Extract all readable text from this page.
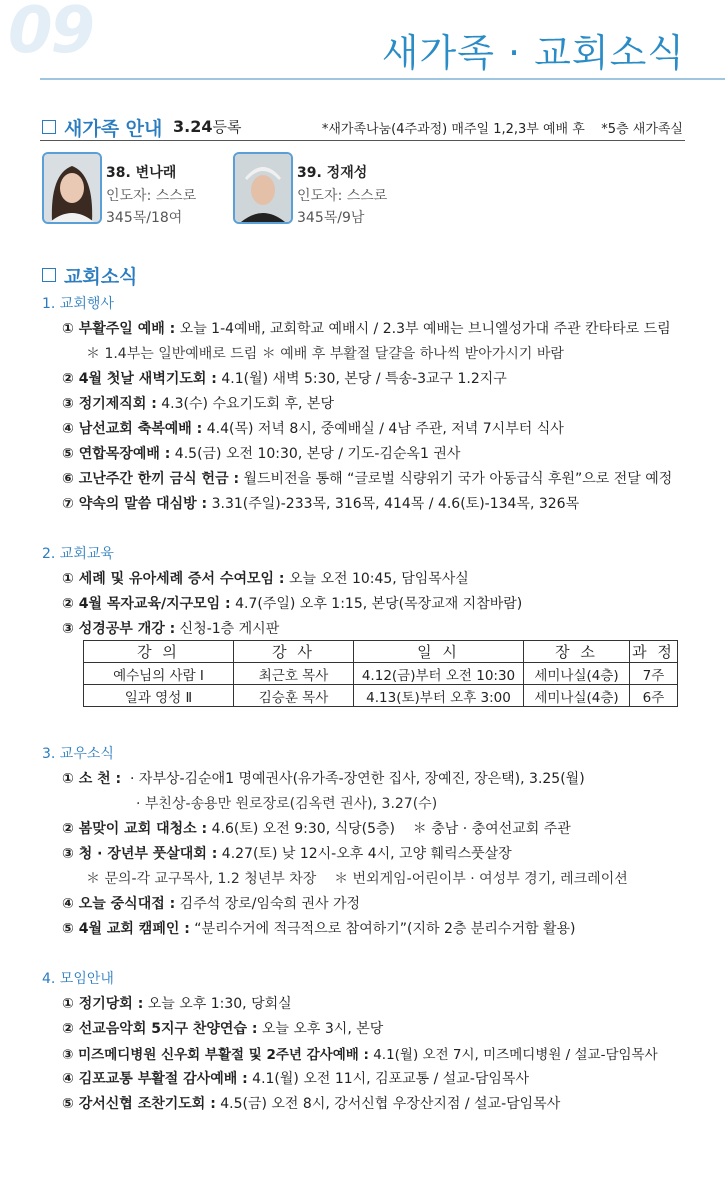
09	새가족 · 교회소식
새가족 안내 3.24등록	*새가족나눔(4주과정) 매주일 1,2,3부 예배 후    *5층 새가족실
38. 변나래
인도자: 스스로
345목/18여
39. 정재성
인도자: 스스로
345목/9남
교회소식
1. 교회행사
① 부활주일 예배 : 오늘 1-4예배, 교회학교 예배시 / 2.3부 예배는 브니엘성가대 주관 칸타타로 드림
＊ 1.4부는 일반예배로 드림 ＊ 예배 후 부활절 달걀을 하나씩 받아가시기 바람
② 4월 첫날 새벽기도회 : 4.1(월) 새벽 5:30, 본당 / 특송-3교구 1.2지구
③ 정기제직회 : 4.3(수) 수요기도회 후, 본당
④ 남선교회 축복예배 : 4.4(목) 저녁 8시, 중예배실 / 4남 주관, 저녁 7시부터 식사
⑤ 연합목장예배 : 4.5(금) 오전 10:30, 본당 / 기도-김순옥1 권사
⑥ 고난주간 한끼 금식 헌금 : 월드비전을 통해 “글로벌 식량위기 국가 아동급식 후원”으로 전달 예정
⑦ 약속의 말씀 대심방 : 3.31(주일)-233목, 316목, 414목 / 4.6(토)-134목, 326목
2. 교회교육
① 세례 및 유아세례 증서 수여모임 : 오늘 오전 10:45, 담임목사실
② 4월 목자교육/지구모임 : 4.7(주일) 오후 1:15, 본당(목장교재 지참바람)
③ 성경공부 개강 : 신청-1층 게시판
강 의	강 사	일 시	장 소	과 정
예수님의 사람 Ⅰ	최근호 목사	4.12(금)부터 오전 10:30	세미나실(4층)	7주
일과 영성 Ⅱ	김승훈 목사	4.13(토)부터 오후 3:00	세미나실(4층)	6주
3. 교우소식
① 소 천 :  · 자부상-김순애1 명예권사(유가족-장연한 집사, 장예진, 장은택), 3.25(월)
· 부친상-송용만 원로장로(김옥련 권사), 3.27(수)
② 봄맞이 교회 대청소 : 4.6(토) 오전 9:30, 식당(5층)    ＊ 충남 · 충여선교회 주관
③ 청 · 장년부 풋살대회 : 4.27(토) 낮 12시-오후 4시, 고양 훼릭스풋살장
＊ 문의-각 교구목사, 1.2 청년부 차장    ＊ 번외게임-어린이부 · 여성부 경기, 레크레이션
④ 오늘 중식대접 : 김주석 장로/임숙희 권사 가정
⑤ 4월 교회 캠페인 : “분리수거에 적극적으로 참여하기”(지하 2층 분리수거함 활용)
4. 모임안내
① 정기당회 : 오늘 오후 1:30, 당회실
② 선교음악회 5지구 찬양연습 : 오늘 오후 3시, 본당
③ 미즈메디병원 신우회 부활절 및 2주년 감사예배 : 4.1(월) 오전 7시, 미즈메디병원 / 설교-담임목사
④ 김포교통 부활절 감사예배 : 4.1(월) 오전 11시, 김포교통 / 설교-담임목사
⑤ 강서신협 조찬기도회 : 4.5(금) 오전 8시, 강서신협 우장산지점 / 설교-담임목사
